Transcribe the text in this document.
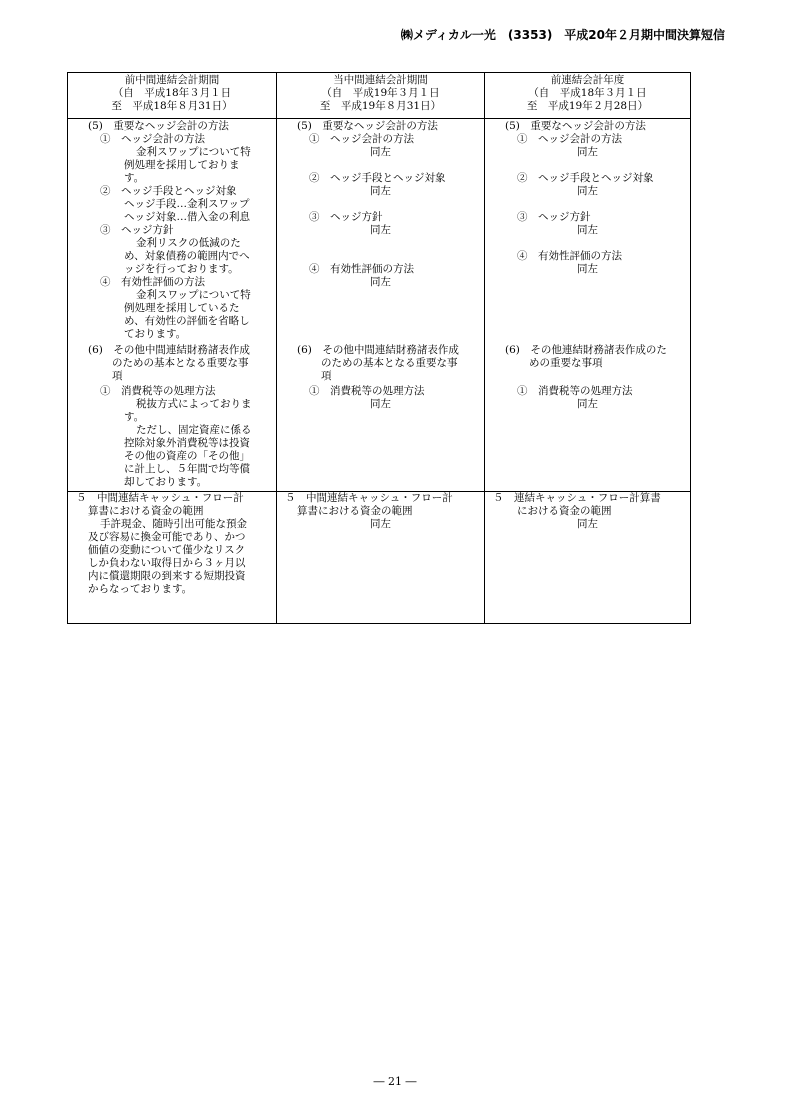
㈱メディカル一光　(3353)　平成20年２月期中間決算短信
前中間連結会計期間
（自　平成18年３月１日
至　平成18年８月31日）
(5)　重要なヘッジ会計の方法
①　ヘッジ会計の方法
金利スワップについて特
例処理を採用しておりま
す。
②　ヘッジ手段とヘッジ対象
ヘッジ手段…金利スワップ
ヘッジ対象…借入金の利息
③　ヘッジ方針
金利リスクの低減のた
め、対象債務の範囲内でへ
ッジを行っております。
④　有効性評価の方法
金利スワップについて特
例処理を採用しているた
め、有効性の評価を省略し
ております。
(6)　その他中間連結財務諸表作成
のための基本となる重要な事
項
①　消費税等の処理方法
税抜方式によっておりま
す。
ただし、固定資産に係る
控除対象外消費税等は投資
その他の資産の「その他」
に計上し、５年間で均等償
却しております。
５　中間連結キャッシュ・フロー計
算書における資金の範囲
手許現金、随時引出可能な預金
及び容易に換金可能であり、かつ
価値の変動について僅少なリスク
しか負わない取得日から３ヶ月以
内に償還期限の到来する短期投資
からなっております。
当中間連結会計期間
（自　平成19年３月１日
至　平成19年８月31日）
(5)　重要なヘッジ会計の方法
①　ヘッジ会計の方法
同左
②　ヘッジ手段とヘッジ対象
同左
③　ヘッジ方針
同左
④　有効性評価の方法
同左
(6)　その他中間連結財務諸表作成
のための基本となる重要な事
項
①　消費税等の処理方法
同左
５　中間連結キャッシュ・フロー計
算書における資金の範囲
同左
前連結会計年度
（自　平成18年３月１日
至　平成19年２月28日）
(5)　重要なヘッジ会計の方法
①　ヘッジ会計の方法
同左
②　ヘッジ手段とヘッジ対象
同左
③　ヘッジ方針
同左
④　有効性評価の方法
同左
(6)　その他連結財務諸表作成のた
めの重要な事項
①　消費税等の処理方法
同左
５　連結キャッシュ・フロー計算書
における資金の範囲
同左
― 21 ―
